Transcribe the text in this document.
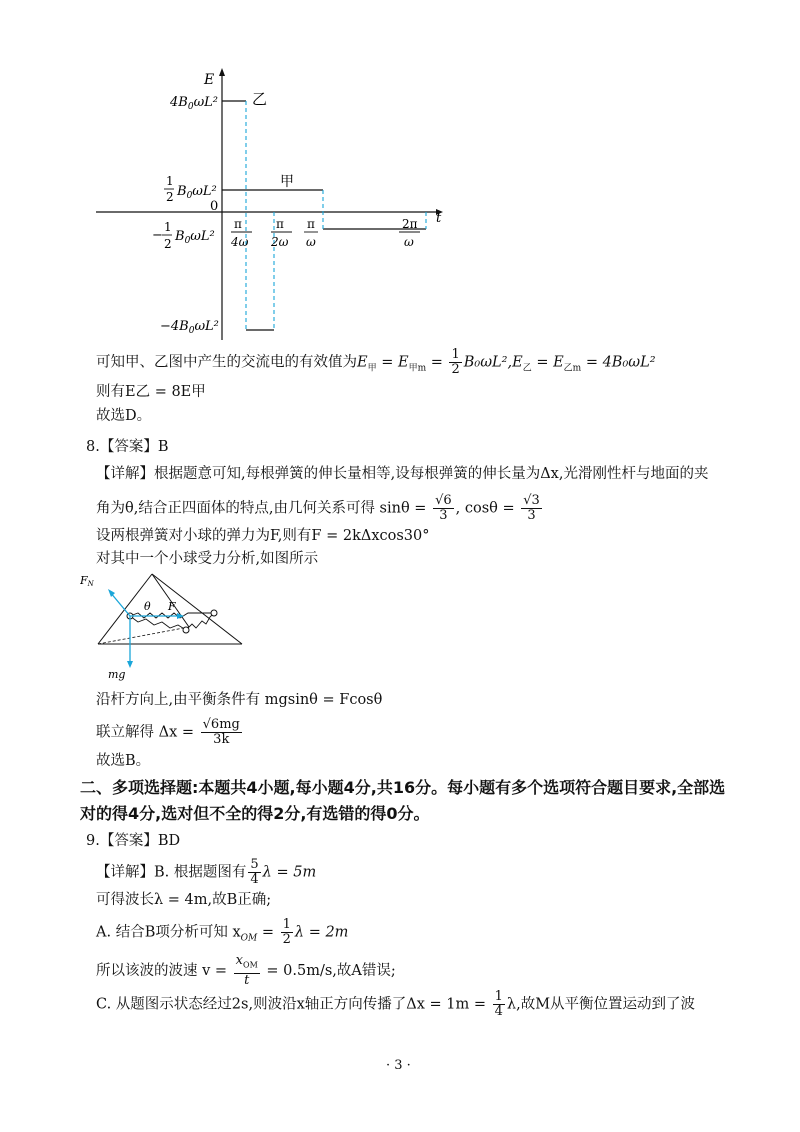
E
t
0
乙
甲
$4B_0\omega L^2$
1
2 $B_0\omega L^2$
−
1
2 $B_0\omega L^2$
$-4B_0\omega L^2$
π
4ω
π
2ω
π
ω
2π
ω
可知甲、乙图中产生的交流电的有效值为$E_甲 = E_{甲m} = \frac{1}{2} B_0\omega L^2,E_乙 = E_{乙m} = 4B_0\omega L^2$
则有E乙 = 8E甲
故选D。
8.【答案】B
【详解】根据题意可知,每根弹簧的伸长量相等,设每根弹簧的伸长量为Δx,光滑刚性杆与地面的夹
角为θ,结合正四面体的特点,由几何关系可得 $\sin\theta = \frac{√6}{3}$ , $\cos\theta = \frac{√3}{3}$
设两根弹簧对小球的弹力为F,则有F = 2kΔxcos30°
对其中一个小球受力分析,如图所示
FN
θ F
mg
沿杆方向上,由平衡条件有 mgsinθ = Fcosθ
联立解得 $\Delta x = \frac{√6mg}{3k}$
故选B。
二、多项选择题:本题共4小题,每小题4分,共16分。每小题有多个选项符合题目要求,全部选
对的得4分,选对但不全的得2分,有选错的得0分。
9.【答案】BD
【详解】B. 根据题图有 $\frac{5}{4}$ λ = 5m
可得波长λ = 4m,故B正确;
A. 结合B项分析可知 $x_{OM} = \frac{1}{2}$ λ = 2m
所以该波的波速 $v = \frac{x_{OM}}{t} = 0.5m/s$,故A错误;
C. 从题图示状态经过2s,则波沿x轴正方向传播了$\Delta x = 1m = \frac{1}{4} \lambda$,故M从平衡位置运动到了波
· 3 ·
